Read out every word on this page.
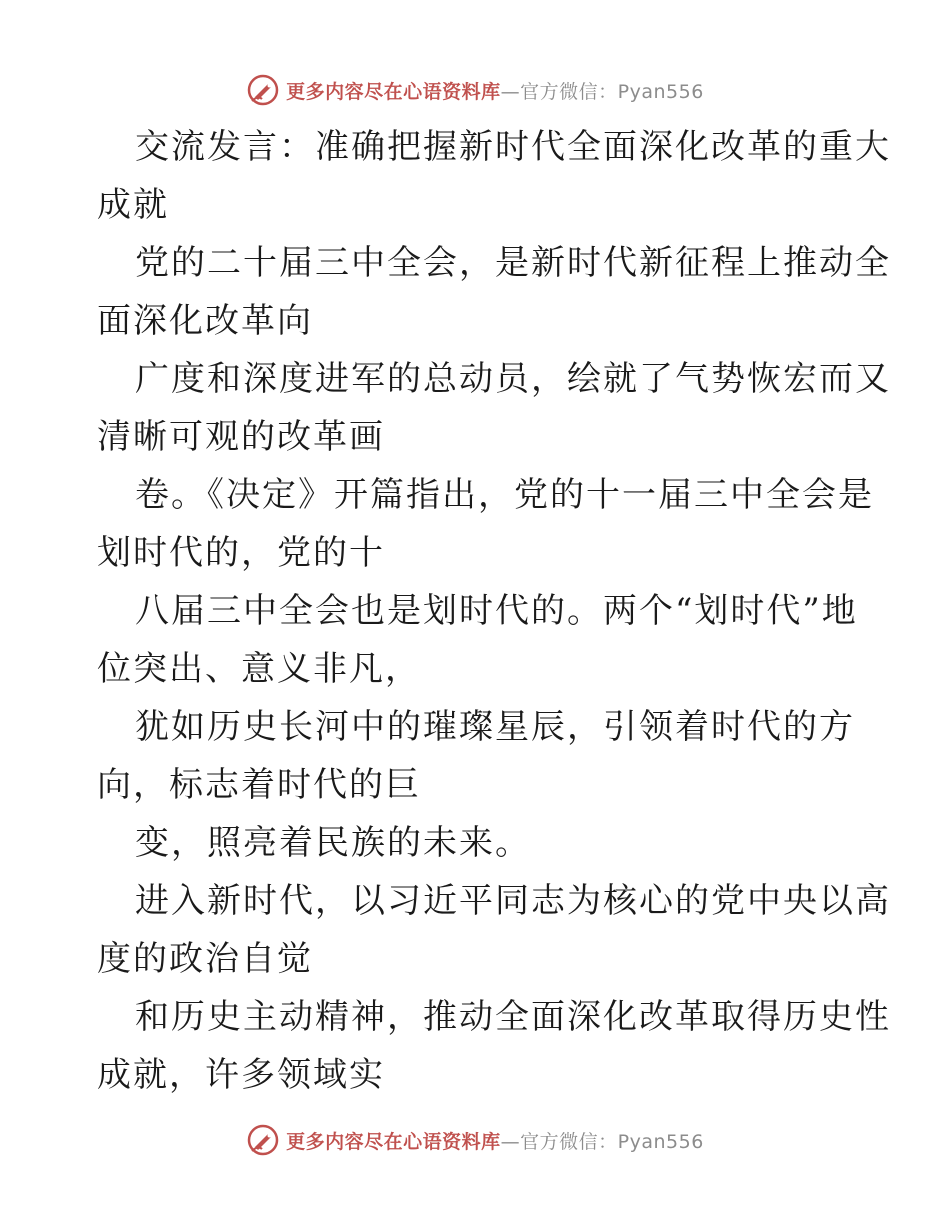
更多内容尽在心语资料库—官方微信：Pyan556
交流发言：准确把握新时代全面深化改革的重大
成就
党的二十届三中全会，是新时代新征程上推动全
面深化改革向
广度和深度进军的总动员，绘就了气势恢宏而又
清晰可观的改革画
卷。《决定》开篇指出，党的十一届三中全会是
划时代的，党的十
八届三中全会也是划时代的。两个“划时代”地
位突出、意义非凡，
犹如历史长河中的璀璨星辰，引领着时代的方
向，标志着时代的巨
变，照亮着民族的未来。
进入新时代，以习近平同志为核心的党中央以高
度的政治自觉
和历史主动精神，推动全面深化改革取得历史性
成就，许多领域实
更多内容尽在心语资料库—官方微信：Pyan556
